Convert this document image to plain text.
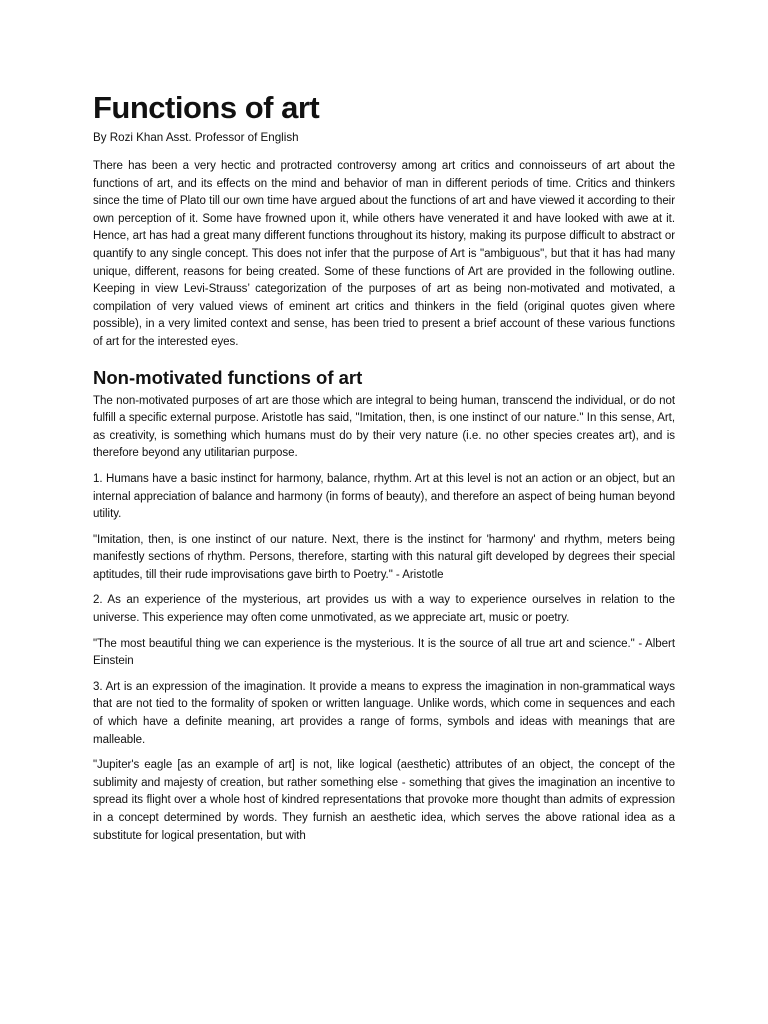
Functions of art
By Rozi Khan Asst. Professor of English

There has been a very hectic and protracted controversy among art critics and connoisseurs of art about the functions of art, and its effects on the mind and behavior of man in different periods of time. Critics and thinkers since the time of Plato till our own time have argued about the functions of art and have viewed it according to their own perception of it. Some have frowned upon it, while others have venerated it and have looked with awe at it. Hence, art has had a great many different functions throughout its history, making its purpose difficult to abstract or quantify to any single concept. This does not infer that the purpose of Art is "ambiguous", but that it has had many unique, different, reasons for being created. Some of these functions of Art are provided in the following outline. Keeping in view Levi-Strauss’ categorization of the purposes of art as being non-motivated and motivated, a compilation of very valued views of eminent art critics and thinkers in the field (original quotes given where possible), in a very limited context and sense, has been tried to present a brief account of these various functions of art for the interested eyes.

Non-motivated functions of art

The non-motivated purposes of art are those which are integral to being human, transcend the individual, or do not fulfill a specific external purpose. Aristotle has said, "Imitation, then, is one instinct of our nature." In this sense, Art, as creativity, is something which humans must do by their very nature (i.e. no other species creates art), and is therefore beyond any utilitarian purpose.

1. Humans have a basic instinct for harmony, balance, rhythm. Art at this level is not an action or an object, but an internal appreciation of balance and harmony (in forms of beauty), and therefore an aspect of being human beyond utility.

"Imitation, then, is one instinct of our nature. Next, there is the instinct for 'harmony' and rhythm, meters being manifestly sections of rhythm. Persons, therefore, starting with this natural gift developed by degrees their special aptitudes, till their rude improvisations gave birth to Poetry." - Aristotle

2. As an experience of the mysterious, art provides us with a way to experience ourselves in relation to the universe. This experience may often come unmotivated, as we appreciate art, music or poetry.

"The most beautiful thing we can experience is the mysterious. It is the source of all true art and science." - Albert Einstein

3. Art is an expression of the imagination. It provide a means to express the imagination in non-grammatical ways that are not tied to the formality of spoken or written language. Unlike words, which come in sequences and each of which have a definite meaning, art provides a range of forms, symbols and ideas with meanings that are malleable.

"Jupiter's eagle [as an example of art] is not, like logical (aesthetic) attributes of an object, the concept of the sublimity and majesty of creation, but rather something else - something that gives the imagination an incentive to spread its flight over a whole host of kindred representations that provoke more thought than admits of expression in a concept determined by words. They furnish an aesthetic idea, which serves the above rational idea as a substitute for logical presentation, but with
